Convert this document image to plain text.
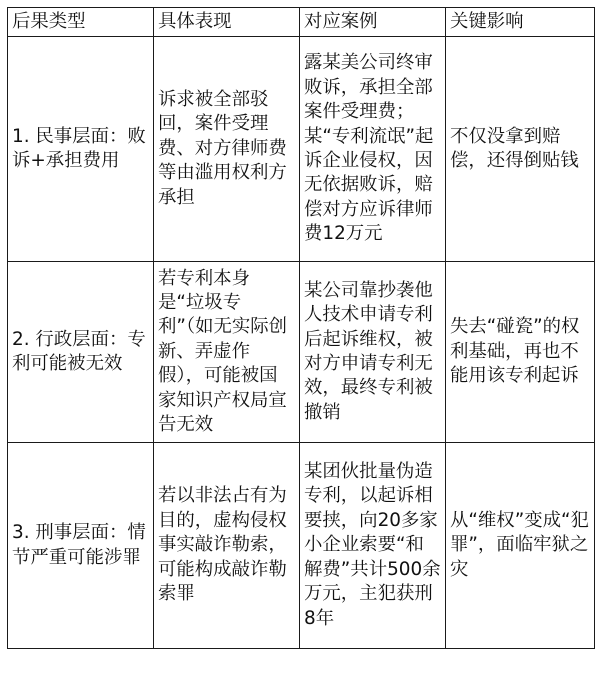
后果类型	具体表现	对应案例	关键影响
1. 民事层面：败诉+承担费用	诉求被全部驳回，案件受理费、对方律师费等由滥用权利方承担	露某美公司终审败诉，承担全部案件受理费；某“专利流氓”起诉企业侵权，因无依据败诉，赔偿对方应诉律师费12万元	不仅没拿到赔偿，还得倒贴钱
2. 行政层面：专利可能被无效	若专利本身是“垃圾专利”（如无实际创新、弄虚作假），可能被国家知识产权局宣告无效	某公司靠抄袭他人技术申请专利后起诉维权，被对方申请专利无效，最终专利被撤销	失去“碰瓷”的权利基础，再也不能用该专利起诉
3. 刑事层面：情节严重可能涉罪	若以非法占有为目的，虚构侵权事实敲诈勒索，可能构成敲诈勒索罪	某团伙批量伪造专利，以起诉相要挟，向20多家小企业索要“和解费”共计500余万元，主犯获刑8年	从“维权”变成“犯罪”，面临牢狱之灾
